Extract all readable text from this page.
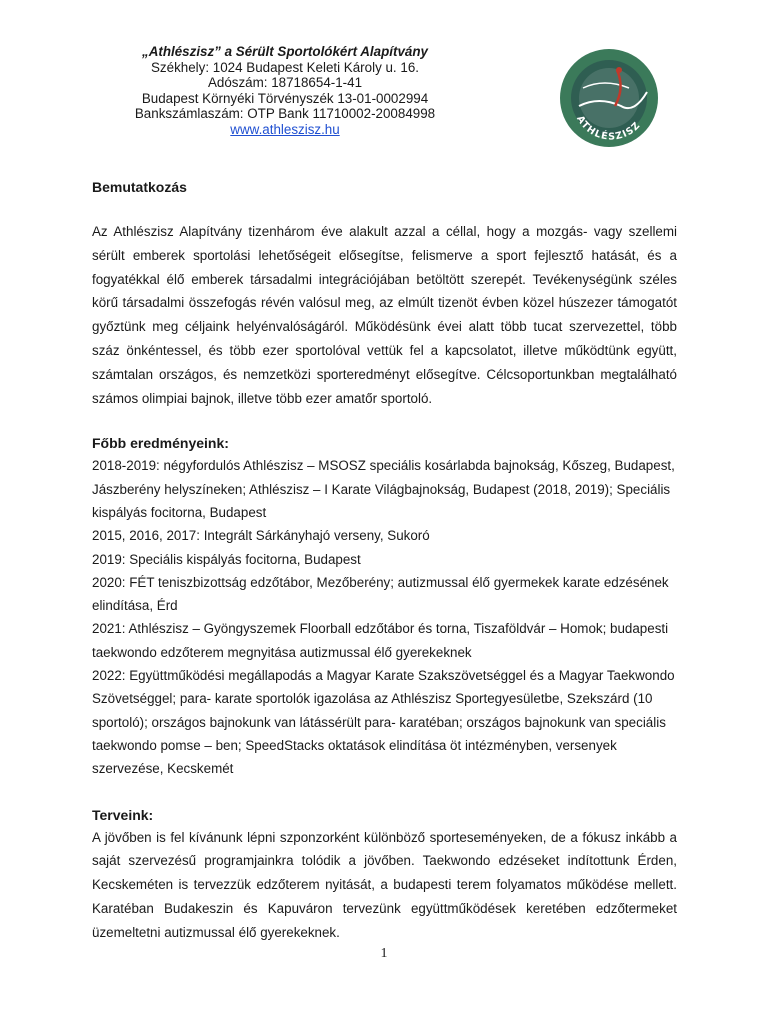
„Athlészisz” a Sérült Sportolókért Alapítvány
Székhely: 1024 Budapest Keleti Károly u. 16.
Adószám: 18718654-1-41
Budapest Környéki Törvényszék 13-01-0002994
Bankszámlaszám: OTP Bank 11710002-20084998
www.athleszisz.hu
ATHLÉSZISZ

Bemutatkozás

Az Athlészisz Alapítvány tizenhárom éve alakult azzal a céllal, hogy a mozgás- vagy szellemi sérült emberek sportolási lehetőségeit elősegítse, felismerve a sport fejlesztő hatását, és a fogyatékkal élő emberek társadalmi integrációjában betöltött szerepét. Tevékenységünk széles körű társadalmi összefogás révén valósul meg, az elmúlt tizenöt évben közel húszezer támogatót győztünk meg céljaink helyénvalóságáról. Működésünk évei alatt több tucat szervezettel, több száz önkéntessel, és több ezer sportolóval vettük fel a kapcsolatot, illetve működtünk együtt, számtalan országos, és nemzetközi sporteredményt elősegítve. Célcsoportunkban megtalálható számos olimpiai bajnok, illetve több ezer amatőr sportoló.

Főbb eredményeink:

2018-2019: négyfordulós Athlészisz – MSOSZ speciális kosárlabda bajnokság, Kőszeg, Budapest, Jászberény helyszíneken; Athlészisz – I Karate Világbajnokság, Budapest (2018, 2019); Speciális kispályás focitorna, Budapest
2015, 2016, 2017: Integrált Sárkányhajó verseny, Sukoró
2019: Speciális kispályás focitorna, Budapest
2020: FÉT teniszbizottság edzőtábor, Mezőberény; autizmussal élő gyermekek karate edzésének elindítása, Érd
2021: Athlészisz – Gyöngyszemek Floorball edzőtábor és torna, Tiszaföldvár – Homok; budapesti taekwondo edzőterem megnyitása autizmussal élő gyerekeknek
2022: Együttműködési megállapodás a Magyar Karate Szakszövetséggel és a Magyar Taekwondo Szövetséggel; para- karate sportolók igazolása az Athlészisz Sportegyesületbe, Szekszárd (10 sportoló); országos bajnokunk van látássérült para- karatéban; országos bajnokunk van speciális taekwondo pomse – ben; SpeedStacks oktatások elindítása öt intézményben, versenyek szervezése, Kecskemét

Terveink:

A jövőben is fel kívánunk lépni szponzorként különböző sporteseményeken, de a fókusz inkább a saját szervezésű programjainkra tolódik a jövőben. Taekwondo edzéseket indítottunk Érden, Kecskeméten is tervezzük edzőterem nyitását, a budapesti terem folyamatos működése mellett. Karatéban Budakeszin és Kapuváron tervezünk együttműködések keretében edzőtermeket üzemeltetni autizmussal élő gyerekeknek.

1
